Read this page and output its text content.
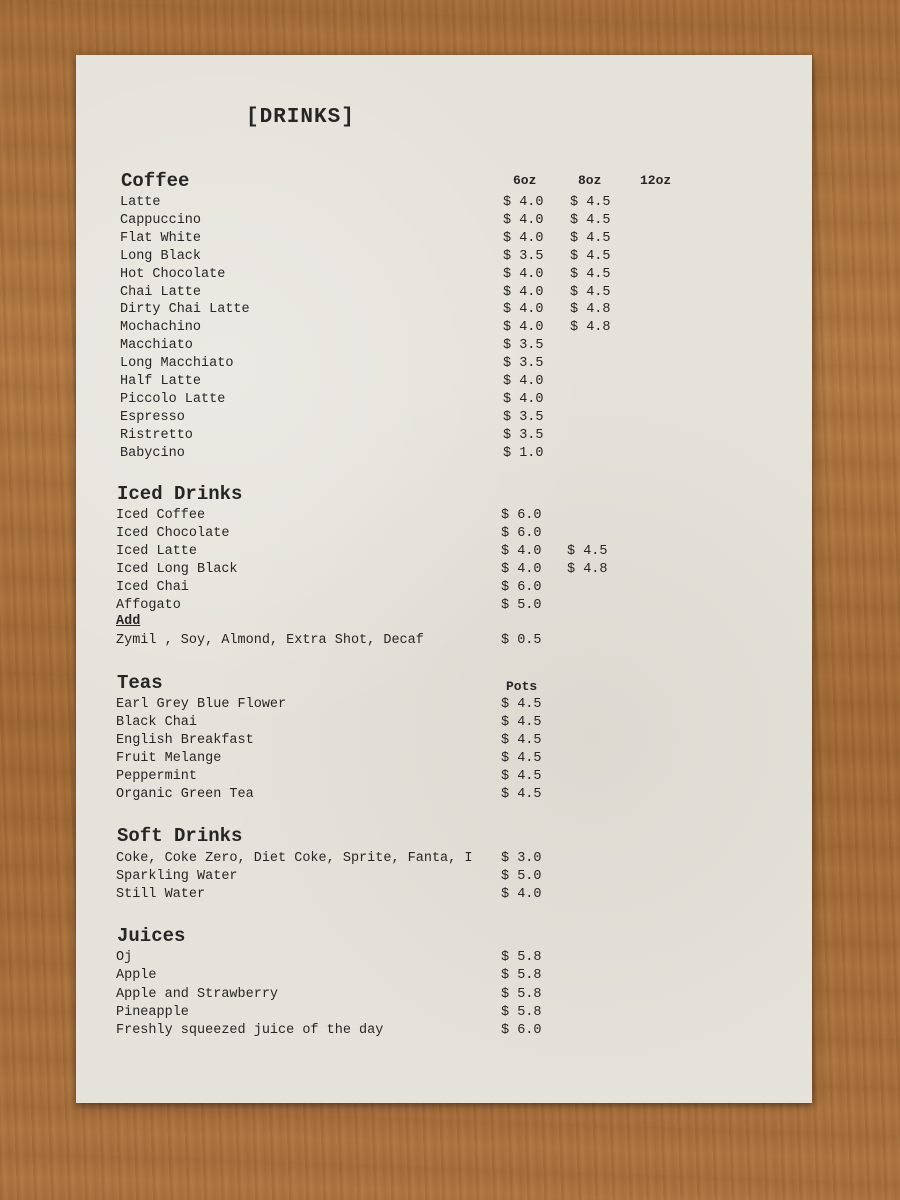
[DRINKS]
Coffee	6oz	8oz	12oz
Latte	$ 4.0 $ 4.5
Cappuccino	$ 4.0 $ 4.5
Flat White	$ 4.0 $ 4.5
Long Black	$ 3.5 $ 4.5
Hot Chocolate	$ 4.0 $ 4.5
Chai Latte	$ 4.0 $ 4.5
Dirty Chai Latte	$ 4.0 $ 4.8
Mochachino	$ 4.0 $ 4.8
Macchiato	$ 3.5
Long Macchiato	$ 3.5
Half Latte	$ 4.0
Piccolo Latte	$ 4.0
Espresso	$ 3.5
Ristretto	$ 3.5
Babycino	$ 1.0
Iced Drinks
Iced Coffee	$ 6.0
Iced Chocolate	$ 6.0
Iced Latte	$ 4.0 $ 4.5
Iced Long Black	$ 4.0 $ 4.8
Iced Chai	$ 6.0
Affogato	$ 5.0
Add
Zymil , Soy, Almond, Extra Shot, Decaf	$ 0.5
Teas	Pots
Earl Grey Blue Flower	$ 4.5
Black Chai	$ 4.5
English Breakfast	$ 4.5
Fruit Melange	$ 4.5
Peppermint	$ 4.5
Organic Green Tea	$ 4.5
Soft Drinks
Coke, Coke Zero, Diet Coke, Sprite, Fanta, I	$ 3.0
Sparkling Water	$ 5.0
Still Water	$ 4.0
Juices
Oj	$ 5.8
Apple	$ 5.8
Apple and Strawberry	$ 5.8
Pineapple	$ 5.8
Freshly squeezed juice of the day	$ 6.0
